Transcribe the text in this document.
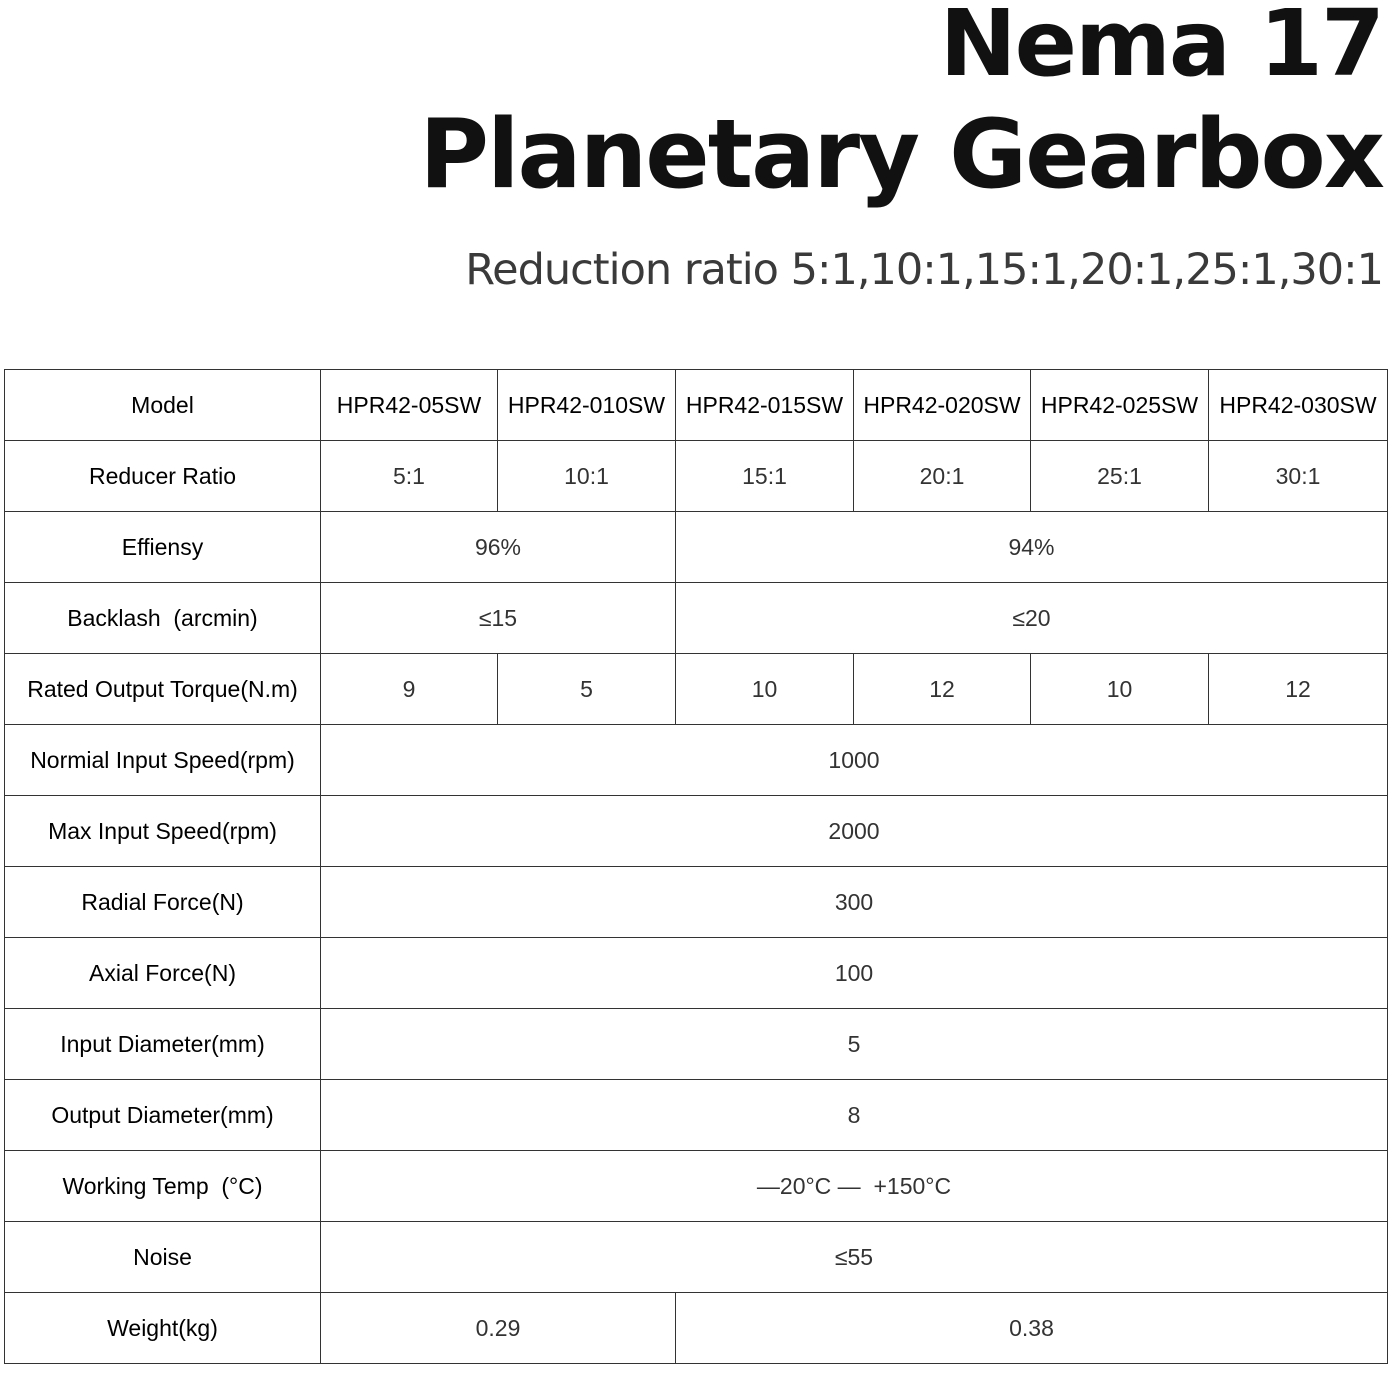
Nema 17
Planetary Gearbox
Reduction ratio 5:1,10:1,15:1,20:1,25:1,30:1
Model	HPR42-05SW	HPR42-010SW	HPR42-015SW	HPR42-020SW	HPR42-025SW	HPR42-030SW
Reducer Ratio	5:1	10:1	15:1	20:1	25:1	30:1
Effiensy	96%		94%			
Backlash  (arcmin)	≤15		≤20			
Rated Output Torque(N.m)	9	5	10	12	10	12
Normial Input Speed(rpm)	1000					
Max Input Speed(rpm)	2000					
Radial Force(N)	300					
Axial Force(N)	100					
Input Diameter(mm)	5					
Output Diameter(mm)	8					
Working Temp  (°C)	—20°C —  +150°C					
Noise	≤55					
Weight(kg)	0.29		0.38			
